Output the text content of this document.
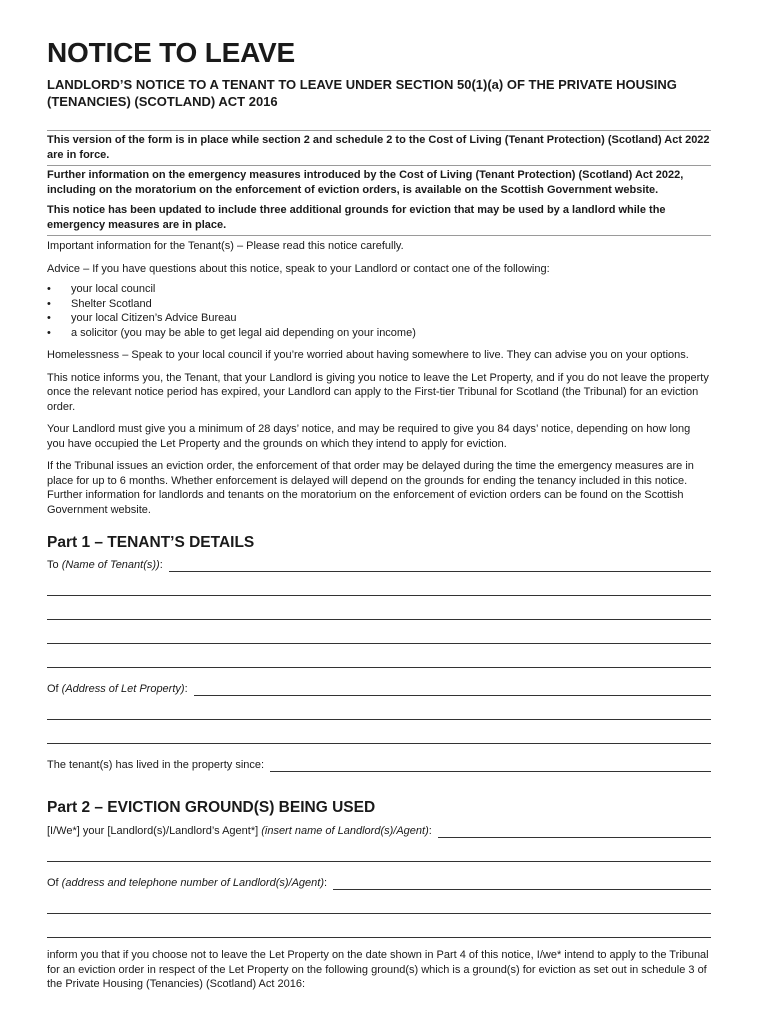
NOTICE TO LEAVE
LANDLORD’S NOTICE TO A TENANT TO LEAVE UNDER SECTION 50(1)(a) OF THE PRIVATE HOUSING (TENANCIES) (SCOTLAND) ACT 2016
This version of the form is in place while section 2 and schedule 2 to the Cost of Living (Tenant Protection) (Scotland) Act 2022 are in force.
Further information on the emergency measures introduced by the Cost of Living (Tenant Protection) (Scotland) Act 2022, including on the moratorium on the enforcement of eviction orders, is available on the Scottish Government website.
This notice has been updated to include three additional grounds for eviction that may be used by a landlord while the emergency measures are in place.

Important information for the Tenant(s) – Please read this notice carefully.

Advice – If you have questions about this notice, speak to your Landlord or contact one of the following:

• your local council
• Shelter Scotland
• your local Citizen’s Advice Bureau
• a solicitor (you may be able to get legal aid depending on your income)

Homelessness – Speak to your local council if you’re worried about having somewhere to live. They can advise you on your options.

This notice informs you, the Tenant, that your Landlord is giving you notice to leave the Let Property, and if you do not leave the property once the relevant notice period has expired, your Landlord can apply to the First-tier Tribunal for Scotland (the Tribunal) for an eviction order.

Your Landlord must give you a minimum of 28 days’ notice, and may be required to give you 84 days’ notice, depending on how long you have occupied the Let Property and the grounds on which they intend to apply for eviction.

If the Tribunal issues an eviction order, the enforcement of that order may be delayed during the time the emergency measures are in place for up to 6 months. Whether enforcement is delayed will depend on the grounds for ending the tenancy included in this notice. Further information for landlords and tenants on the moratorium on the enforcement of eviction orders can be found on the Scottish Government website.

Part 1 – TENANT’S DETAILS
To (Name of Tenant(s)):
Of (Address of Let Property):
The tenant(s) has lived in the property since:
Part 2 – EVICTION GROUND(S) BEING USED
[I/We*] your [Landlord(s)/Landlord’s Agent*] (insert name of Landlord(s)/Agent):
Of (address and telephone number of Landlord(s)/Agent):

inform you that if you choose not to leave the Let Property on the date shown in Part 4 of this notice, I/we* intend to apply to the Tribunal for an eviction order in respect of the Let Property on the following ground(s) which is a ground(s) for eviction as set out in schedule 3 of the Private Housing (Tenancies) (Scotland) Act 2016:
